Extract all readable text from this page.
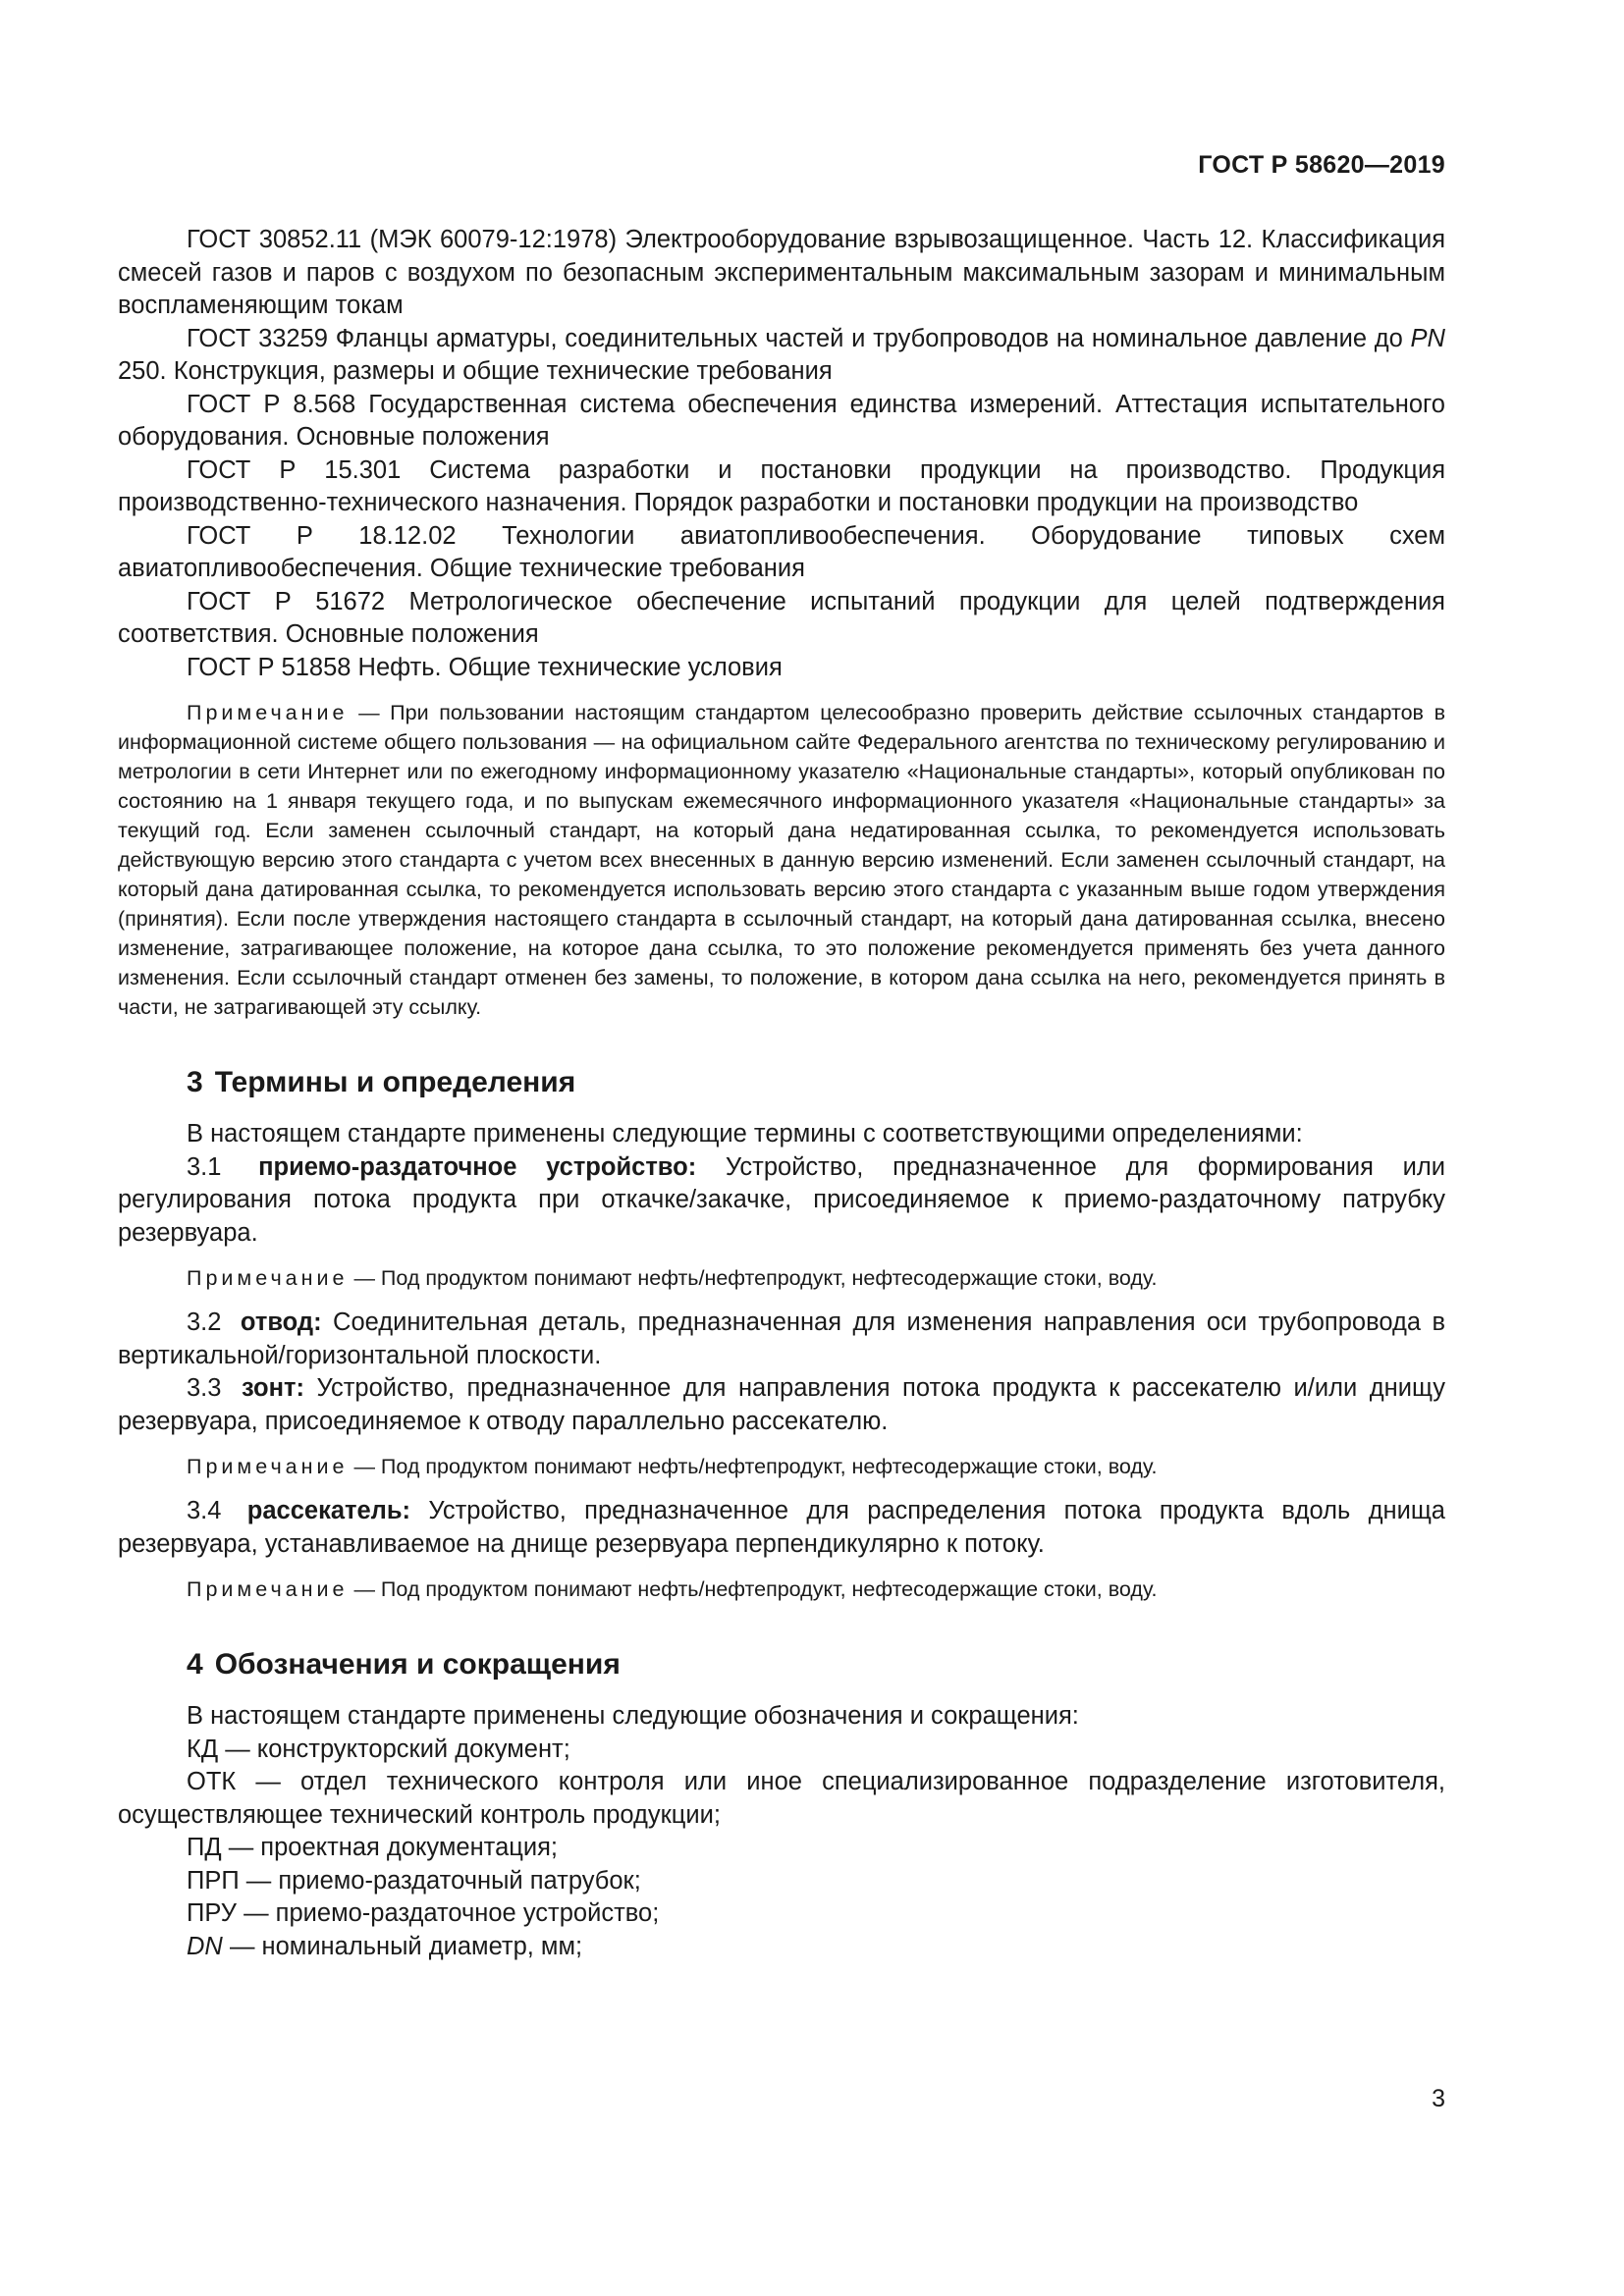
ГОСТ Р 58620—2019

ГОСТ 30852.11 (МЭК 60079-12:1978) Электрооборудование взрывозащищенное. Часть 12. Классификация смесей газов и паров с воздухом по безопасным экспериментальным максимальным зазорам и минимальным воспламеняющим токам

ГОСТ 33259 Фланцы арматуры, соединительных частей и трубопроводов на номинальное давление до PN 250. Конструкция, размеры и общие технические требования

ГОСТ Р 8.568 Государственная система обеспечения единства измерений. Аттестация испытательного оборудования. Основные положения

ГОСТ Р 15.301 Система разработки и постановки продукции на производство. Продукция производственно-технического назначения. Порядок разработки и постановки продукции на производство

ГОСТ Р 18.12.02 Технологии авиатопливообеспечения. Оборудование типовых схем авиатопливообеспечения. Общие технические требования

ГОСТ Р 51672 Метрологическое обеспечение испытаний продукции для целей подтверждения соответствия. Основные положения

ГОСТ Р 51858 Нефть. Общие технические условия

Примечание — При пользовании настоящим стандартом целесообразно проверить действие ссылочных стандартов в информационной системе общего пользования — на официальном сайте Федерального агентства по техническому регулированию и метрологии в сети Интернет или по ежегодному информационному указателю «Национальные стандарты», который опубликован по состоянию на 1 января текущего года, и по выпускам ежемесячного информационного указателя «Национальные стандарты» за текущий год. Если заменен ссылочный стандарт, на который дана недатированная ссылка, то рекомендуется использовать действующую версию этого стандарта с учетом всех внесенных в данную версию изменений. Если заменен ссылочный стандарт, на который дана датированная ссылка, то рекомендуется использовать версию этого стандарта с указанным выше годом утверждения (принятия). Если после утверждения настоящего стандарта в ссылочный стандарт, на который дана датированная ссылка, внесено изменение, затрагивающее положение, на которое дана ссылка, то это положение рекомендуется применять без учета данного изменения. Если ссылочный стандарт отменен без замены, то положение, в котором дана ссылка на него, рекомендуется принять в части, не затрагивающей эту ссылку.

3 Термины и определения

В настоящем стандарте применены следующие термины с соответствующими определениями:

3.1 приемо-раздаточное устройство: Устройство, предназначенное для формирования или регулирования потока продукта при откачке/закачке, присоединяемое к приемо-раздаточному патрубку резервуара.

Примечание — Под продуктом понимают нефть/нефтепродукт, нефтесодержащие стоки, воду.

3.2 отвод: Соединительная деталь, предназначенная для изменения направления оси трубопровода в вертикальной/горизонтальной плоскости.

3.3 зонт: Устройство, предназначенное для направления потока продукта к рассекателю и/или днищу резервуара, присоединяемое к отводу параллельно рассекателю.

Примечание — Под продуктом понимают нефть/нефтепродукт, нефтесодержащие стоки, воду.

3.4 рассекатель: Устройство, предназначенное для распределения потока продукта вдоль днища резервуара, устанавливаемое на днище резервуара перпендикулярно к потоку.

Примечание — Под продуктом понимают нефть/нефтепродукт, нефтесодержащие стоки, воду.

4 Обозначения и сокращения

В настоящем стандарте применены следующие обозначения и сокращения:

КД — конструкторский документ;

ОТК — отдел технического контроля или иное специализированное подразделение изготовителя, осуществляющее технический контроль продукции;

ПД — проектная документация;

ПРП — приемо-раздаточный патрубок;

ПРУ — приемо-раздаточное устройство;

DN — номинальный диаметр, мм;

3
